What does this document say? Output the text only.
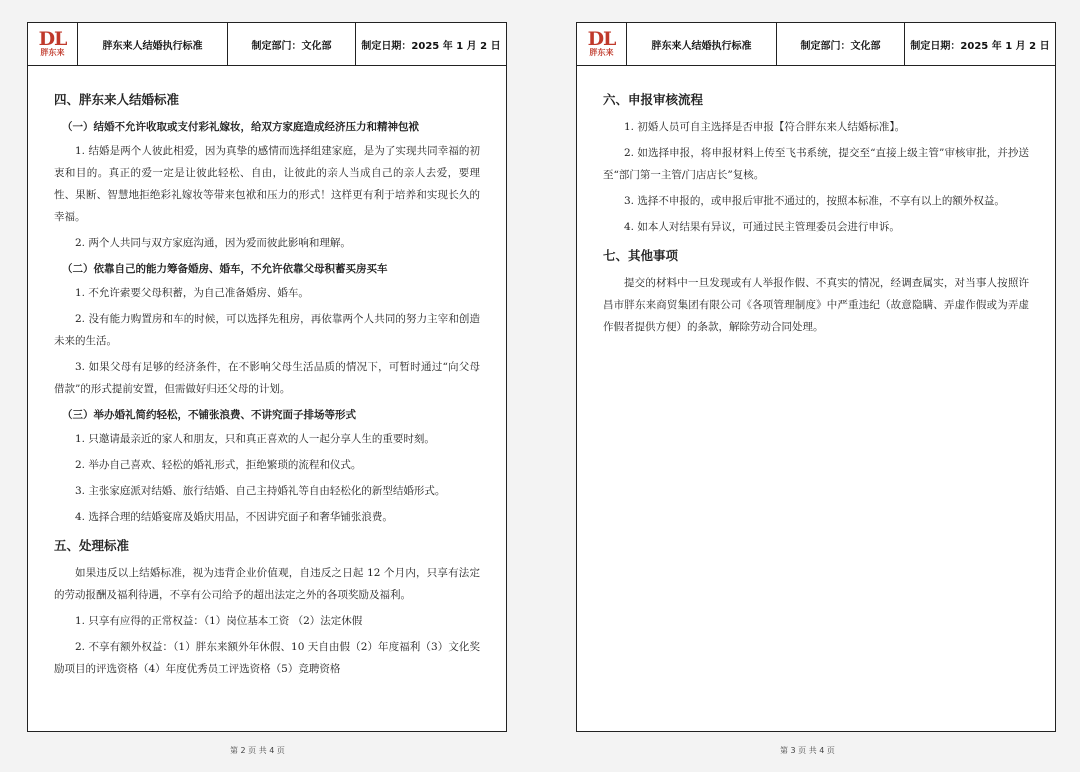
DL
胖东来
胖东来人结婚执行标准	制定部门：文化部	制定日期：2025 年 1 月 2 日
四、胖东来人结婚标准
（一）结婚不允许收取或支付彩礼嫁妆，给双方家庭造成经济压力和精神包袱

1. 结婚是两个人彼此相爱，因为真挚的感情而选择组建家庭，是为了实现共同幸福的初衷和目的。真正的爱一定是让彼此轻松、自由，让彼此的亲人当成自己的亲人去爱，要理性、果断、智慧地拒绝彩礼嫁妆等带来包袱和压力的形式！这样更有利于培养和实现长久的幸福。

2. 两个人共同与双方家庭沟通，因为爱而彼此影响和理解。

（二）依靠自己的能力筹备婚房、婚车，不允许依靠父母积蓄买房买车

1. 不允许索要父母积蓄，为自己准备婚房、婚车。

2. 没有能力购置房和车的时候，可以选择先租房，再依靠两个人共同的努力主宰和创造未来的生活。

3. 如果父母有足够的经济条件，在不影响父母生活品质的情况下，可暂时通过“向父母借款”的形式提前安置，但需做好归还父母的计划。

（三）举办婚礼简约轻松，不铺张浪费、不讲究面子排场等形式

1. 只邀请最亲近的家人和朋友，只和真正喜欢的人一起分享人生的重要时刻。

2. 举办自己喜欢、轻松的婚礼形式，拒绝繁琐的流程和仪式。

3. 主张家庭派对结婚、旅行结婚、自己主持婚礼等自由轻松化的新型结婚形式。

4. 选择合理的结婚宴席及婚庆用品，不因讲究面子和奢华铺张浪费。

五、处理标准

如果违反以上结婚标准，视为违背企业价值观，自违反之日起 12 个月内，只享有法定的劳动报酬及福利待遇，不享有公司给予的超出法定之外的各项奖励及福利。

1. 只享有应得的正常权益：（1）岗位基本工资 （2）法定休假

2. 不享有额外权益：（1）胖东来额外年休假、10 天自由假（2）年度福利（3）文化奖励项目的评选资格（4）年度优秀员工评选资格（5）竞聘资格

第 2 页 共 4 页
DL
胖东来
胖东来人结婚执行标准	制定部门：文化部	制定日期：2025 年 1 月 2 日
六、申报审核流程

1. 初婚人员可自主选择是否申报【符合胖东来人结婚标准】。

2. 如选择申报，将申报材料上传至飞书系统，提交至“直接上级主管”审核审批，并抄送至“部门第一主管/门店店长”复核。

3. 选择不申报的，或申报后审批不通过的，按照本标准，不享有以上的额外权益。

4. 如本人对结果有异议，可通过民主管理委员会进行申诉。

七、其他事项

提交的材料中一旦发现或有人举报作假、不真实的情况，经调查属实，对当事人按照许昌市胖东来商贸集团有限公司《各项管理制度》中严重违纪（故意隐瞒、弄虚作假或为弄虚作假者提供方便）的条款，解除劳动合同处理。

第 3 页 共 4 页
